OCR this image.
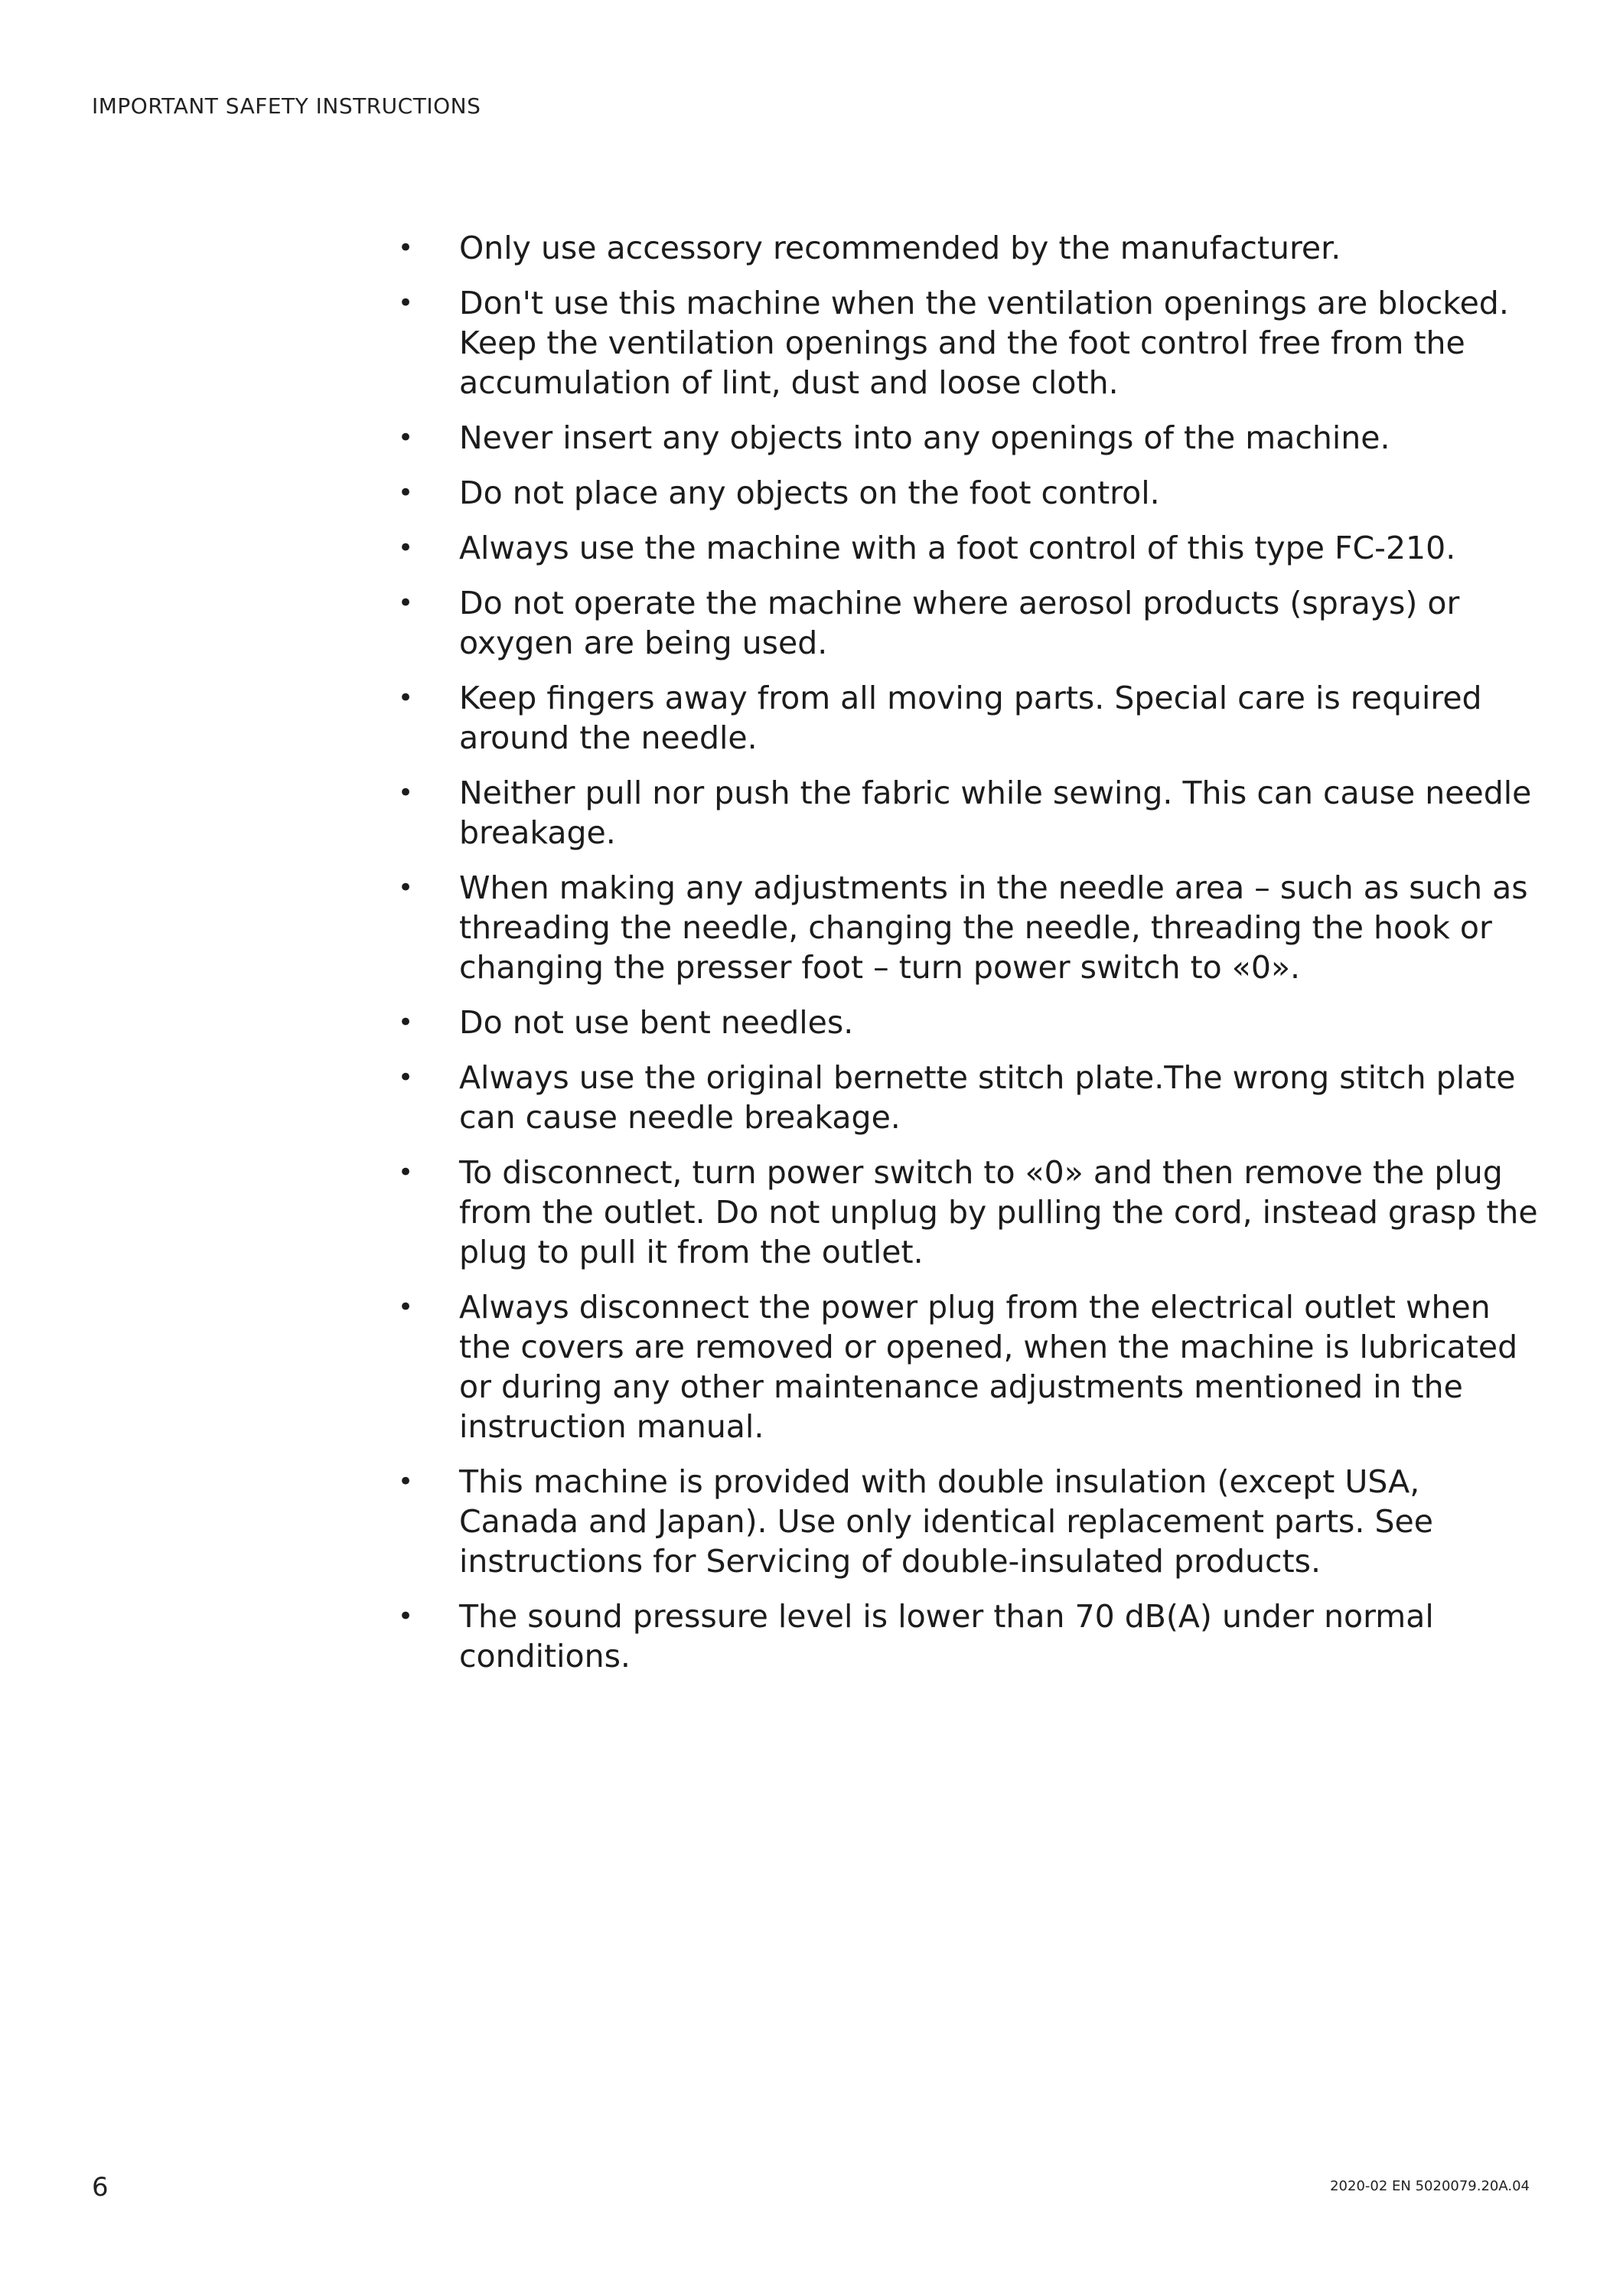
IMPORTANT SAFETY INSTRUCTIONS
•	Only use accessory recommended by the manufacturer.
•	Don't use this machine when the ventilation openings are blocked. Keep the ventilation openings and the foot control free from the accumulation of lint, dust and loose cloth.
•	Never insert any objects into any openings of the machine.
•	Do not place any objects on the foot control.
•	Always use the machine with a foot control of this type FC-210.
•	Do not operate the machine where aerosol products (sprays) or oxygen are being used.
•	Keep fingers away from all moving parts. Special care is required around the needle.
•	Neither pull nor push the fabric while sewing. This can cause needle breakage.
•	When making any adjustments in the needle area – such as such as threading the needle, changing the needle, threading the hook or changing the presser foot – turn power switch to «0».
•	Do not use bent needles.
•	Always use the original bernette stitch plate.The wrong stitch plate can cause needle breakage.
•	To disconnect, turn power switch to «0» and then remove the plug from the outlet. Do not unplug by pulling the cord, instead grasp the plug to pull it from the outlet.
•	Always disconnect the power plug from the electrical outlet when the covers are removed or opened, when the machine is lubricated or during any other maintenance adjustments mentioned in the instruction manual.
•	This machine is provided with double insulation (except USA, Canada and Japan). Use only identical replacement parts. See instructions for Servicing of double-insulated products.
•	The sound pressure level is lower than 70 dB(A) under normal conditions.
6	2020-02 EN 5020079.20A.04
